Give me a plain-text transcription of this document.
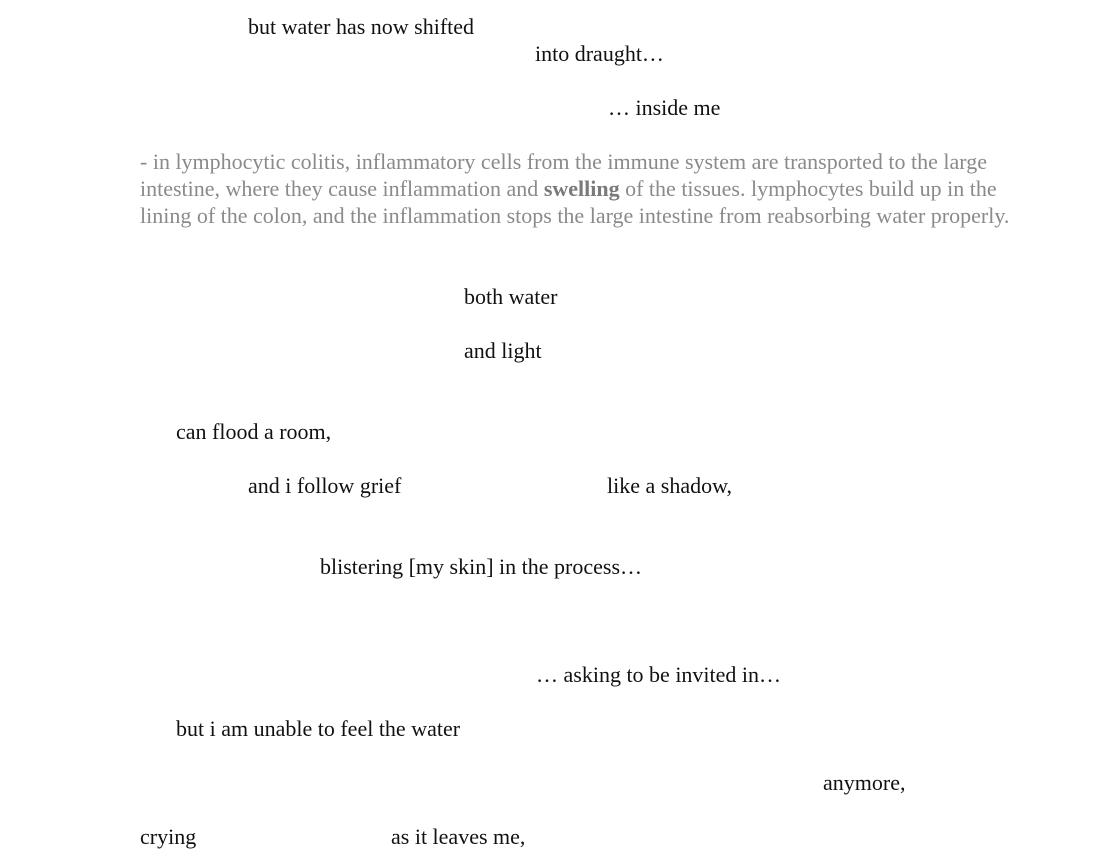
but water has now shifted
into draught…
… inside me
- in lymphocytic colitis, inflammatory cells from the immune system are transported to the large intestine, where they cause inflammation and swelling of the tissues. lymphocytes build up in the lining of the colon, and the inflammation stops the large intestine from reabsorbing water properly.
both water
and light
can flood a room,
and i follow grief	like a shadow,
blistering [my skin] in the process…
… asking to be invited in…
but i am unable to feel the water
anymore,
crying	as it leaves me,
